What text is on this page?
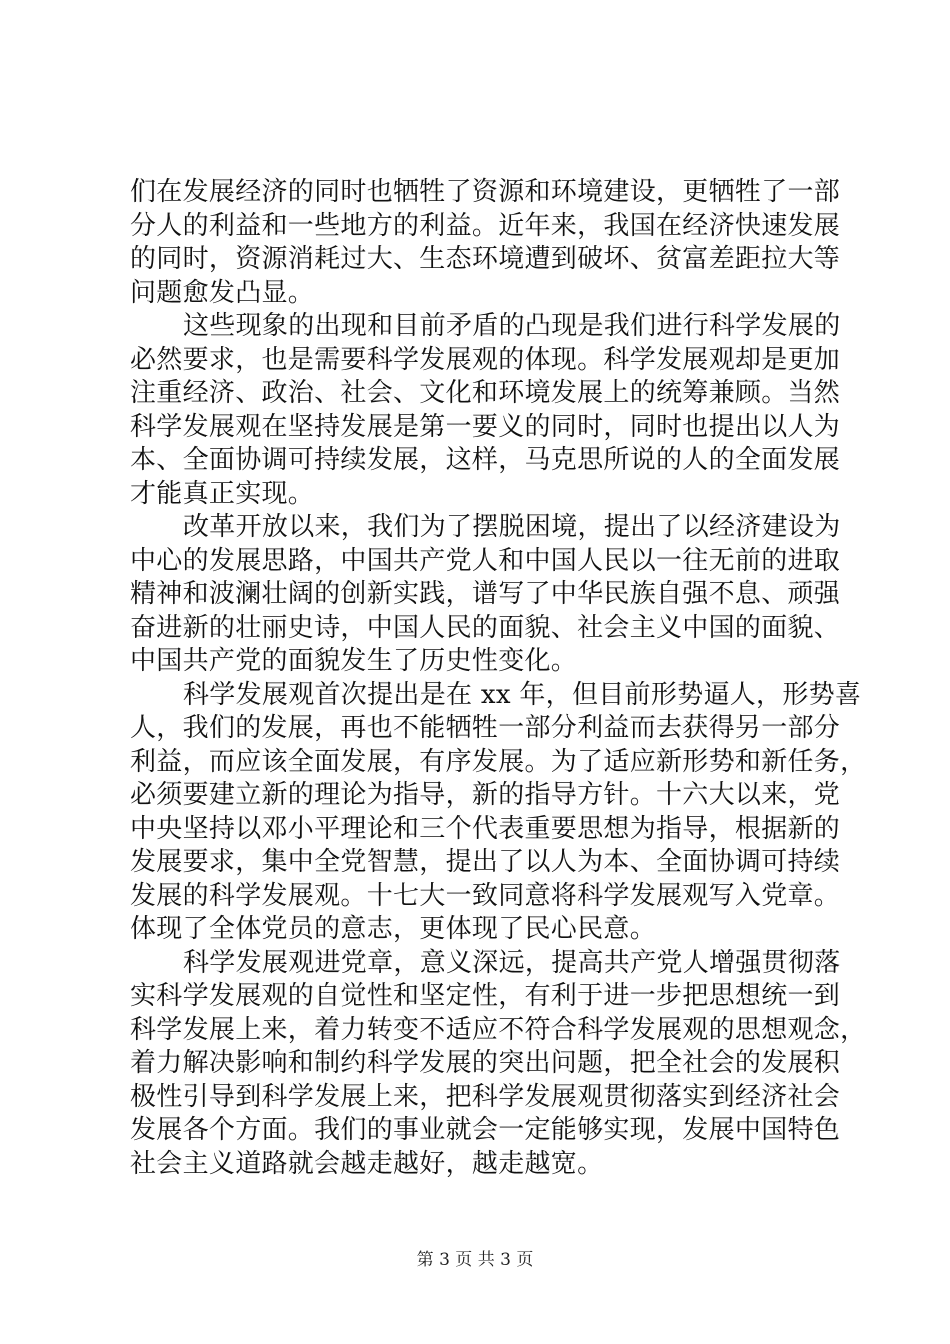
们在发展经济的同时也牺牲了资源和环境建设，更牺牲了一部
分人的利益和一些地方的利益。近年来，我国在经济快速发展
的同时，资源消耗过大、生态环境遭到破坏、贫富差距拉大等
问题愈发凸显。
这些现象的出现和目前矛盾的凸现是我们进行科学发展的
必然要求，也是需要科学发展观的体现。科学发展观却是更加
注重经济、政治、社会、文化和环境发展上的统筹兼顾。当然
科学发展观在坚持发展是第一要义的同时，同时也提出以人为
本、全面协调可持续发展，这样，马克思所说的人的全面发展
才能真正实现。
改革开放以来，我们为了摆脱困境，提出了以经济建设为
中心的发展思路，中国共产党人和中国人民以一往无前的进取
精神和波澜壮阔的创新实践，谱写了中华民族自强不息、顽强
奋进新的壮丽史诗，中国人民的面貌、社会主义中国的面貌、
中国共产党的面貌发生了历史性变化。
科学发展观首次提出是在 xx 年，但目前形势逼人，形势喜
人，我们的发展，再也不能牺牲一部分利益而去获得另一部分
利益，而应该全面发展，有序发展。为了适应新形势和新任务，
必须要建立新的理论为指导，新的指导方针。十六大以来，党
中央坚持以邓小平理论和三个代表重要思想为指导，根据新的
发展要求，集中全党智慧，提出了以人为本、全面协调可持续
发展的科学发展观。十七大一致同意将科学发展观写入党章。
体现了全体党员的意志，更体现了民心民意。
科学发展观进党章，意义深远，提高共产党人增强贯彻落
实科学发展观的自觉性和坚定性，有利于进一步把思想统一到
科学发展上来，着力转变不适应不符合科学发展观的思想观念，
着力解决影响和制约科学发展的突出问题，把全社会的发展积
极性引导到科学发展上来，把科学发展观贯彻落实到经济社会
发展各个方面。我们的事业就会一定能够实现，发展中国特色
社会主义道路就会越走越好，越走越宽。
第 3 页 共 3 页
